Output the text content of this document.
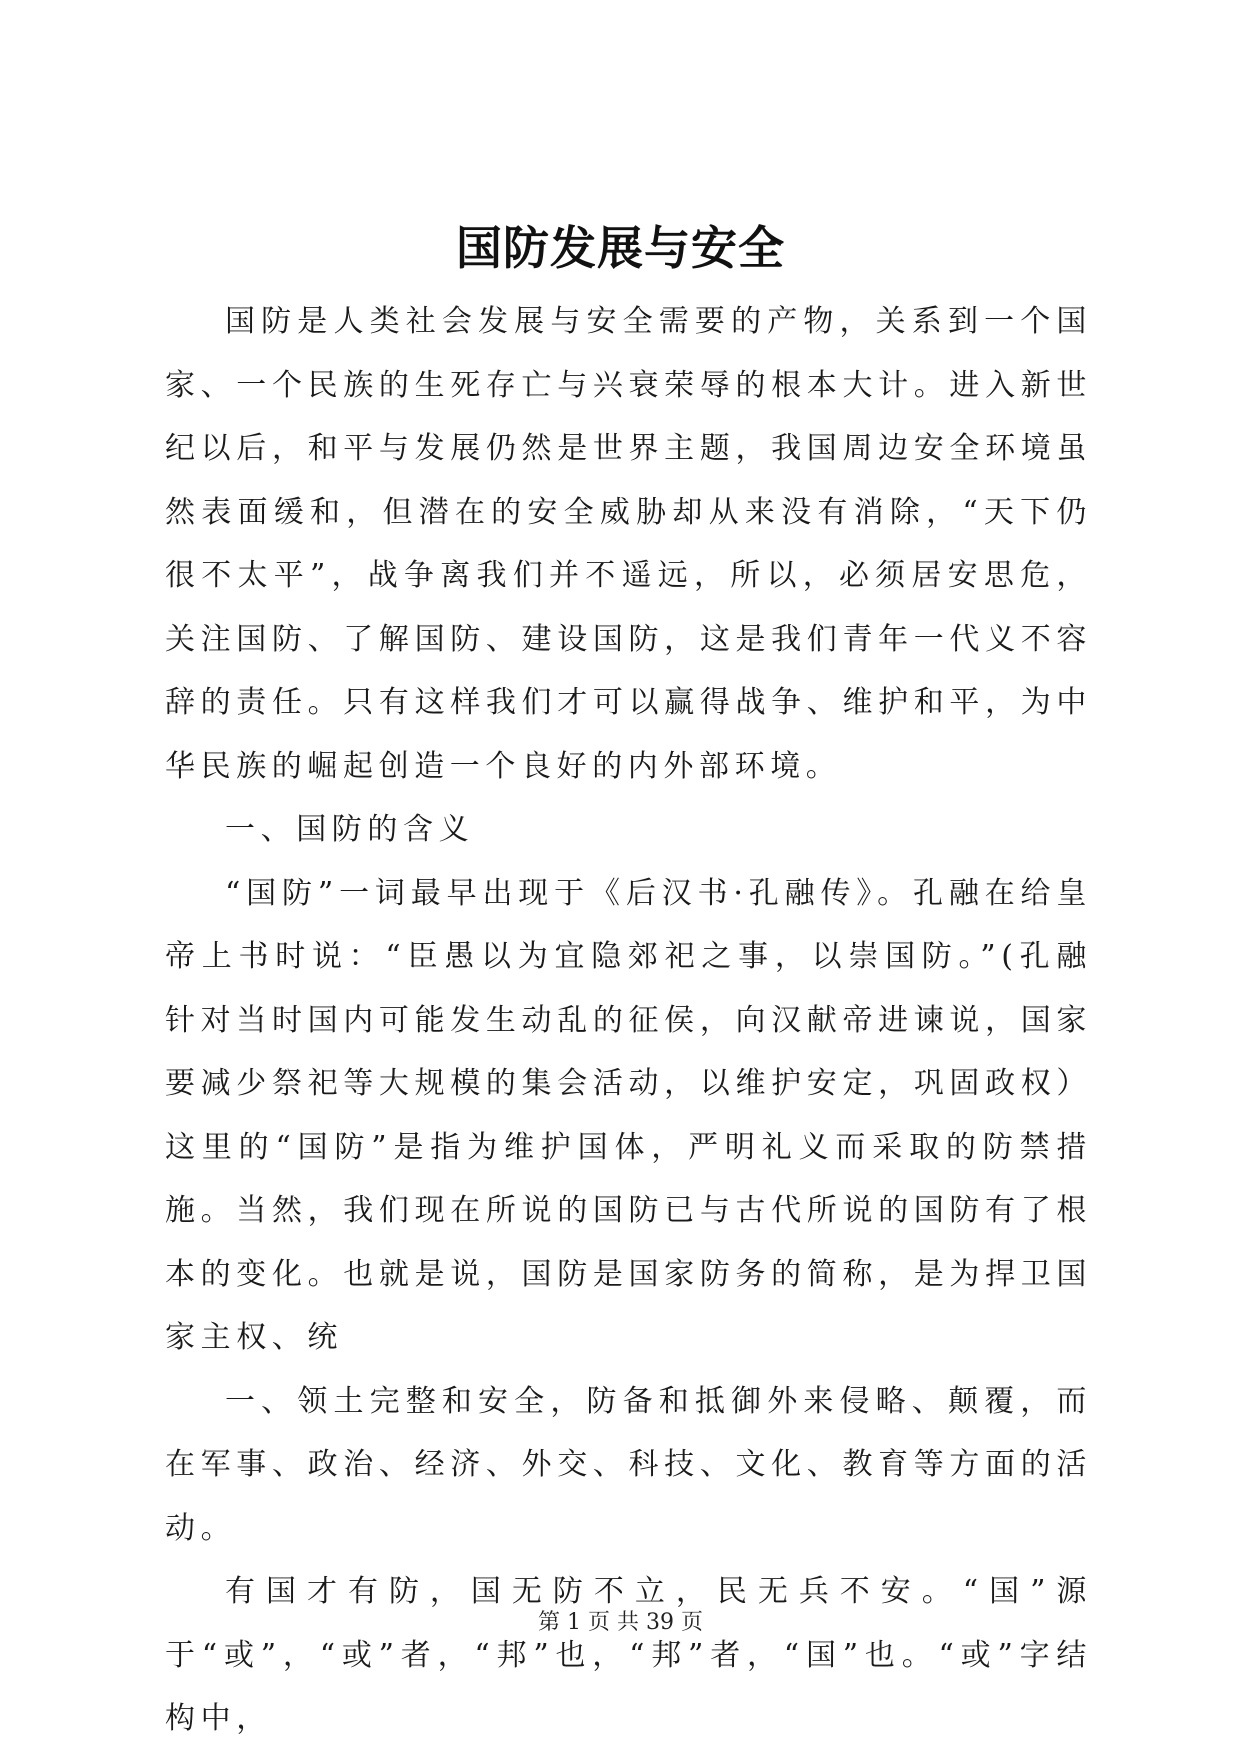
国防发展与安全

国防是人类社会发展与安全需要的产物，关系到一个国家、一个民族的生死存亡与兴衰荣辱的根本大计。进入新世纪以后，和平与发展仍然是世界主题，我国周边安全环境虽然表面缓和，但潜在的安全威胁却从来没有消除，“天下仍很不太平”，战争离我们并不遥远，所以，必须居安思危，关注国防、了解国防、建设国防，这是我们青年一代义不容辞的责任。只有这样我们才可以赢得战争、维护和平，为中华民族的崛起创造一个良好的内外部环境。

一、国防的含义

“国防”一词最早出现于《后汉书·孔融传》。孔融在给皇帝上书时说：“臣愚以为宜隐郊祀之事，以崇国防。”(孔融针对当时国内可能发生动乱的征侯，向汉献帝进谏说，国家要减少祭祀等大规模的集会活动，以维护安定，巩固政权）这里的“国防”是指为维护国体，严明礼义而采取的防禁措施。当然，我们现在所说的国防已与古代所说的国防有了根本的变化。也就是说，国防是国家防务的简称，是为捍卫国家主权、统

一、领土完整和安全，防备和抵御外来侵略、颠覆，而在军事、政治、经济、外交、科技、文化、教育等方面的活动。

有国才有防，国无防不立，民无兵不安。“国”源于“或”，“或”者，“邦”也，“邦”者，“国”也。“或”字结构中，

第 1 页 共 39 页
